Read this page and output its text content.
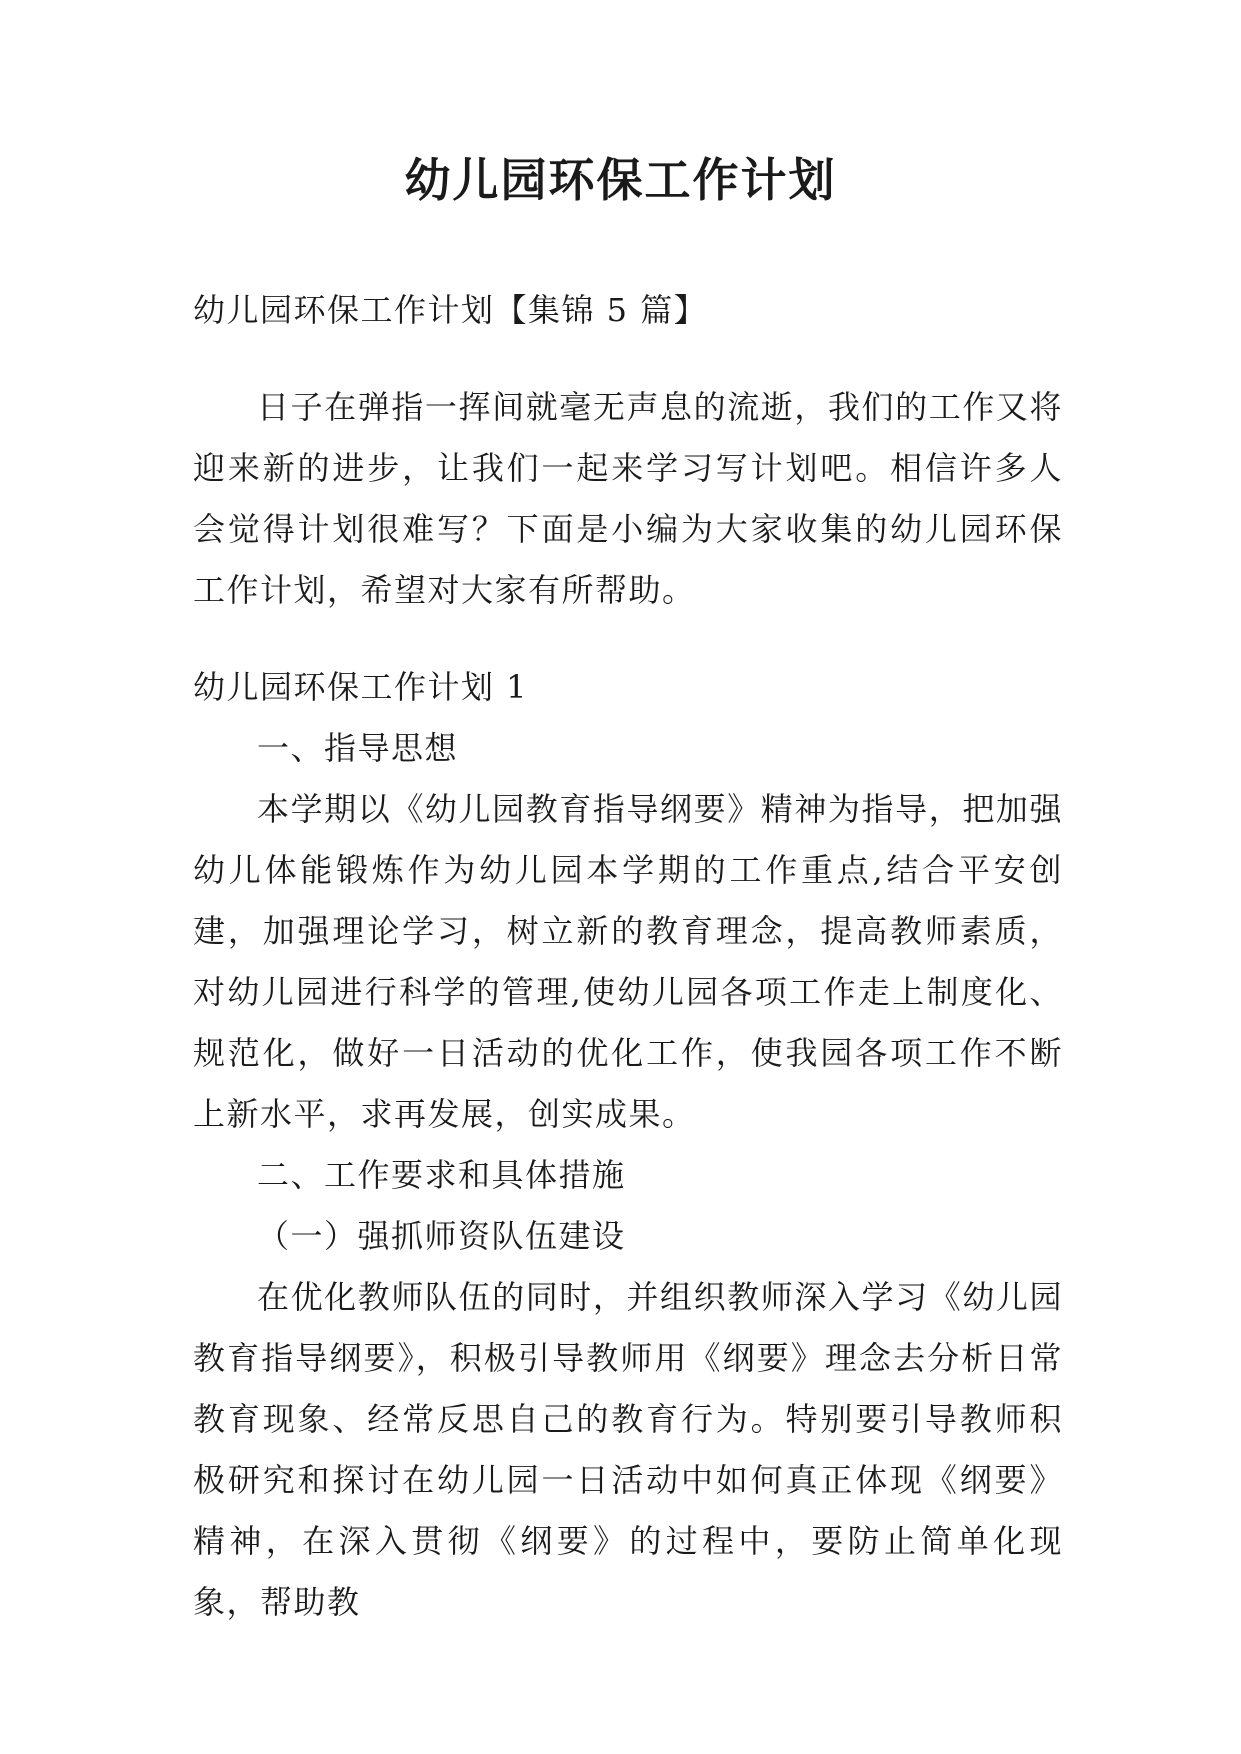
幼儿园环保工作计划

幼儿园环保工作计划【集锦 5 篇】

日子在弹指一挥间就毫无声息的流逝，我们的工作又将迎来新的进步，让我们一起来学习写计划吧。相信许多人会觉得计划很难写？下面是小编为大家收集的幼儿园环保工作计划，希望对大家有所帮助。

幼儿园环保工作计划 1

一、指导思想

本学期以《幼儿园教育指导纲要》精神为指导，把加强幼儿体能锻炼作为幼儿园本学期的工作重点,结合平安创建，加强理论学习，树立新的教育理念，提高教师素质，对幼儿园进行科学的管理,使幼儿园各项工作走上制度化、规范化，做好一日活动的优化工作，使我园各项工作不断上新水平，求再发展，创实成果。

二、工作要求和具体措施

（一）强抓师资队伍建设

在优化教师队伍的同时，并组织教师深入学习《幼儿园教育指导纲要》，积极引导教师用《纲要》理念去分析日常教育现象、经常反思自己的教育行为。特别要引导教师积极研究和探讨在幼儿园一日活动中如何真正体现《纲要》精神，在深入贯彻《纲要》的过程中，要防止简单化现象，帮助教
